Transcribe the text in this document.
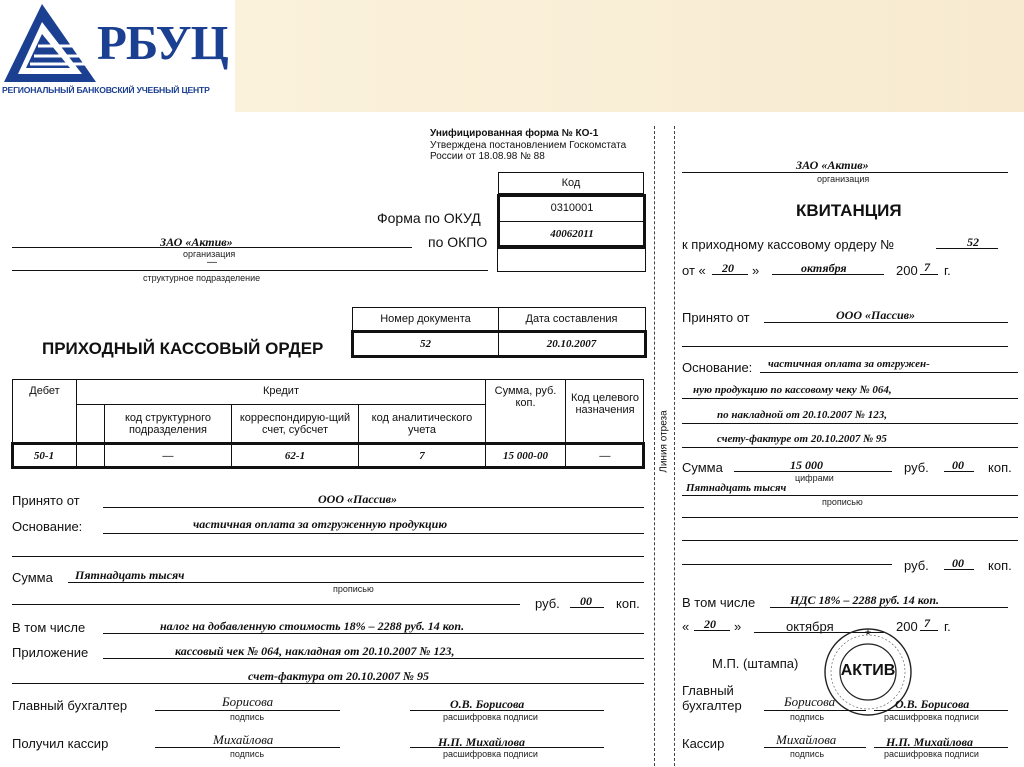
РБУЦ
РЕГИОНАЛЬНЫЙ БАНКОВСКИЙ УЧЕБНЫЙ ЦЕНТР
Унифицированная форма № КО-1
Утверждена постановлением Госкомстата
России от 18.08.98 № 88
Код
0310001
40062011
Форма по ОКУД
по ОКПО
ЗАО «Актив»
организация
—
структурное подразделение
Номер документа	Дата составления
52	20.10.2007
ПРИХОДНЫЙ КАССОВЫЙ ОРДЕР
Дебет	Кредит	Сумма, руб. коп.	Код целевого назначения
код структурного подразделения
корреспондирую-щий счет, субсчет
код аналитического учета
50-1	—	62-1	7	15 000-00	—
Принято от	ООО «Пассив»
Основание:	частичная оплата за отгруженную продукцию
Сумма Пятнадцать тысяч
прописью
руб. 00 коп.
В том числе	налог на добавленную стоимость 18% – 2288 руб. 14 коп.
Приложение	кассовый чек № 064, накладная от 20.10.2007 № 123,
счет-фактура от 20.10.2007 № 95
Главный бухгалтер	Борисова
подпись
О.В. Борисова
расшифровка подписи
Получил кассир	Михайлова
подпись
Н.П. Михайлова
расшифровка подписи
Линия отреза
ЗАО «Актив»
организация
КВИТАНЦИЯ
к приходному кассовому ордеру №	52
от « 20 »	октября	200 7 г.
Принято от	ООО «Пассив»
Основание: частичная оплата за отгружен-
ную продукцию по кассовому чеку № 064,
по накладной от 20.10.2007 № 123,
счету-фактуре от 20.10.2007 № 95
Сумма	15 000	руб. 00 коп.
цифрами
Пятнадцать тысяч
прописью
руб. 00 коп.
В том числе	НДС 18% – 2288 руб. 14 коп.
« 20 »	октября	200 7 г.
М.П. (штампа)
★
АКТИВ
Главный
бухгалтер	Борисова
подпись
О.В. Борисова
расшифровка подписи
Кассир	Михайлова
подпись
Н.П. Михайлова
расшифровка подписи
